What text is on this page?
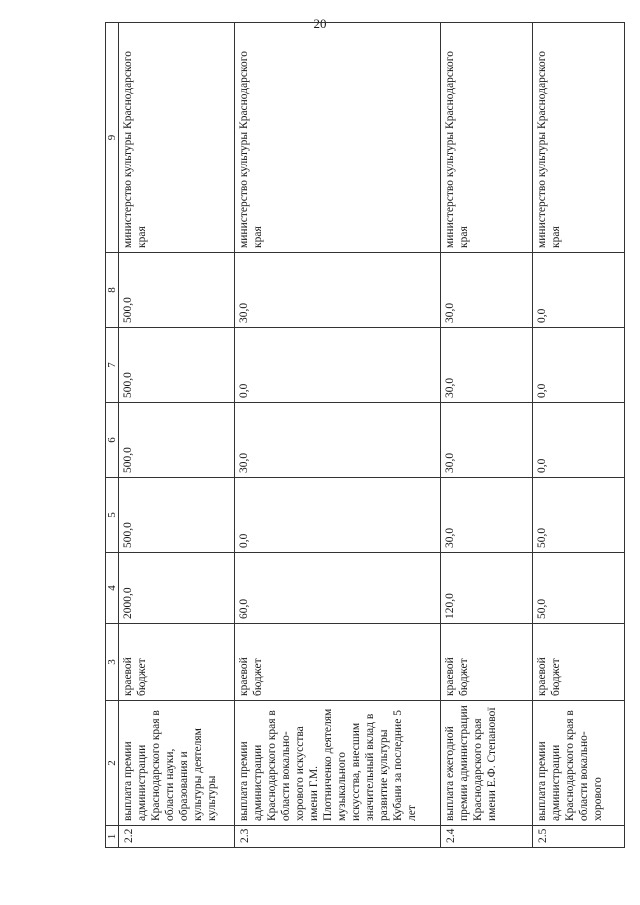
20
1	2	3	4	5	6	7	8	9
2.2	выплата премии администрации Краснодарского края в области науки, образования и культуры деятелям культуры	краевой бюджет	2000,0	500,0	500,0	500,0	500,0	министерство культуры Краснодарского края
2.3	выплата премии администрации Краснодарского края в области вокально-хорового искусства имени Г.М. Плотниченко деятелям музыкального искусства, внесшим значительный вклад в развитие культуры Кубани за последние 5 лет	краевой бюджет	60,0	0,0	30,0	0,0	30,0	министерство культуры Краснодарского края
2.4	выплата ежегодной премии администрации Краснодарского края имени Е.Ф. Степанової	краевой бюджет	120,0	30,0	30,0	30,0	30,0	министерство культуры Краснодарского края
2.5	выплата премии администрации Краснодарского края в области вокально-хорового	краевой бюджет	50,0	50,0	0,0	0,0	0,0	министерство культуры Краснодарского края
